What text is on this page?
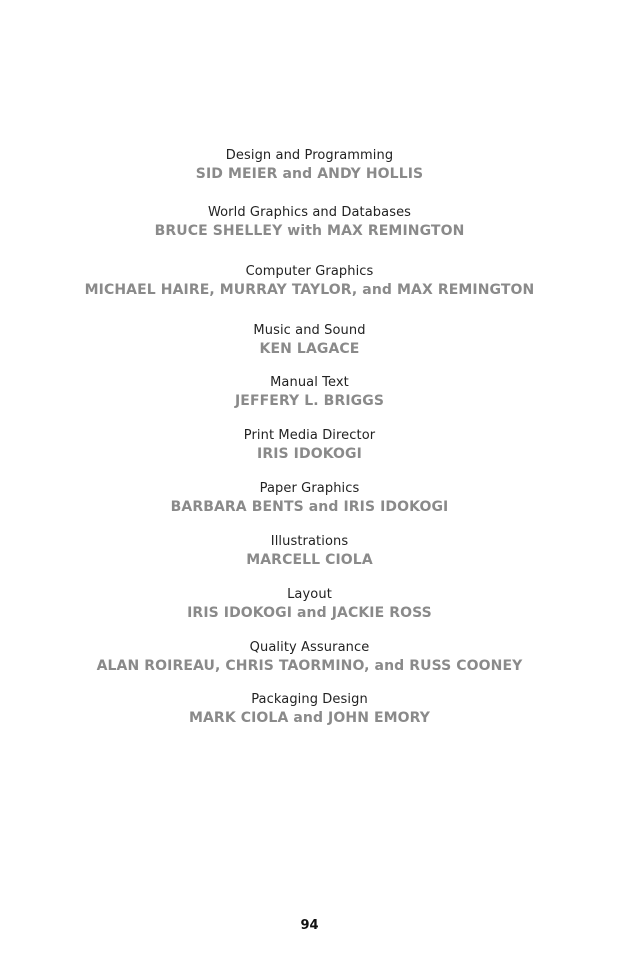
Design and Programming
SID MEIER and ANDY HOLLIS
World Graphics and Databases
BRUCE SHELLEY with MAX REMINGTON
Computer Graphics
MICHAEL HAIRE, MURRAY TAYLOR, and MAX REMINGTON
Music and Sound
KEN LAGACE
Manual Text
JEFFERY L. BRIGGS
Print Media Director
IRIS IDOKOGI
Paper Graphics
BARBARA BENTS and IRIS IDOKOGI
Illustrations
MARCELL CIOLA
Layout
IRIS IDOKOGI and JACKIE ROSS
Quality Assurance
ALAN ROIREAU, CHRIS TAORMINO, and RUSS COONEY
Packaging Design
MARK CIOLA and JOHN EMORY
94
